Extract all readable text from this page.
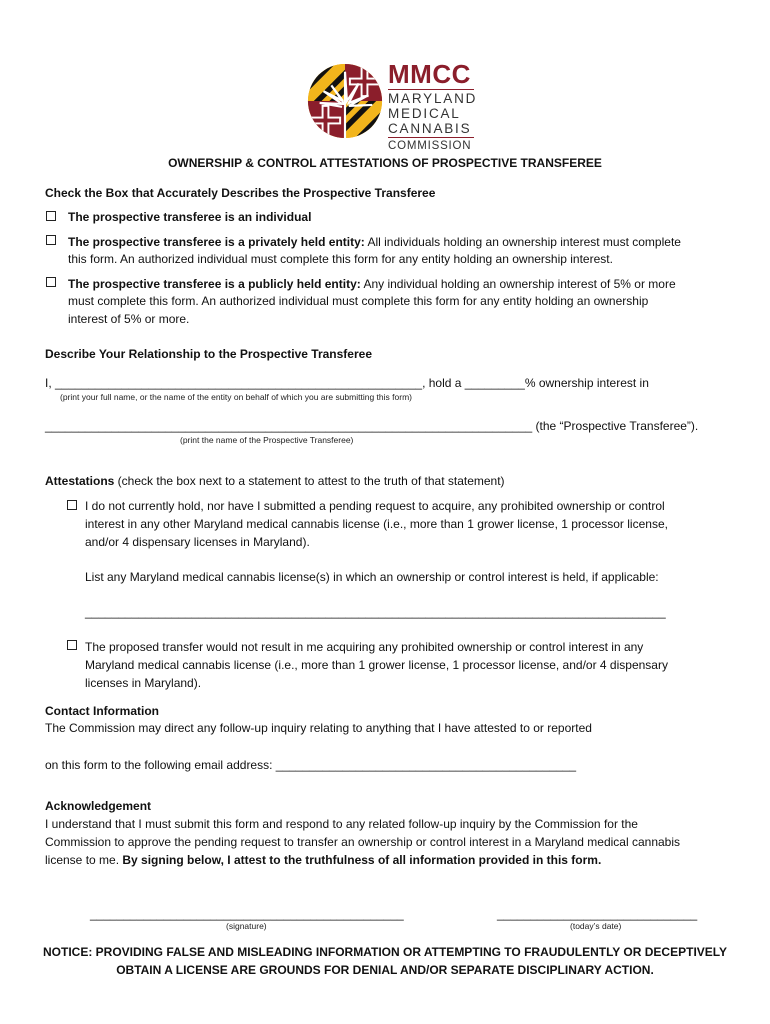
MMCC
MARYLAND
MEDICAL
CANNABIS
COMMISSION
OWNERSHIP & CONTROL ATTESTATIONS OF PROSPECTIVE TRANSFEREE
Check the Box that Accurately Describes the Prospective Transferee
The prospective transferee is an individual
The prospective transferee is a privately held entity: All individuals holding an ownership interest must complete
this form. An authorized individual must complete this form for any entity holding an ownership interest.
The prospective transferee is a publicly held entity: Any individual holding an ownership interest of 5% or more
must complete this form. An authorized individual must complete this form for any entity holding an ownership
interest of 5% or more.
Describe Your Relationship to the Prospective Transferee
I, _______________________________________________________, hold a _________% ownership interest in
(print your full name, or the name of the entity on behalf of which you are submitting this form)
_________________________________________________________________________ (the “Prospective Transferee”).
(print the name of the Prospective Transferee)
Attestations (check the box next to a statement to attest to the truth of that statement)
I do not currently hold, nor have I submitted a pending request to acquire, any prohibited ownership or control
interest in any other Maryland medical cannabis license (i.e., more than 1 grower license, 1 processor license,
and/or 4 dispensary licenses in Maryland).
List any Maryland medical cannabis license(s) in which an ownership or control interest is held, if applicable:
_______________________________________________________________________________________
The proposed transfer would not result in me acquiring any prohibited ownership or control interest in any
Maryland medical cannabis license (i.e., more than 1 grower license, 1 processor license, and/or 4 dispensary
licenses in Maryland).
Contact Information
The Commission may direct any follow-up inquiry relating to anything that I have attested to or reported
on this form to the following email address: _____________________________________________
Acknowledgement
I understand that I must submit this form and respond to any related follow-up inquiry by the Commission for the
Commission to approve the pending request to transfer an ownership or control interest in a Maryland medical cannabis
license to me. By signing below, I attest to the truthfulness of all information provided in this form.
_______________________________________________
(signature)
______________________________
(today’s date)
NOTICE: PROVIDING FALSE AND MISLEADING INFORMATION OR ATTEMPTING TO FRAUDULENTLY OR DECEPTIVELY
OBTAIN A LICENSE ARE GROUNDS FOR DENIAL AND/OR SEPARATE DISCIPLINARY ACTION.
